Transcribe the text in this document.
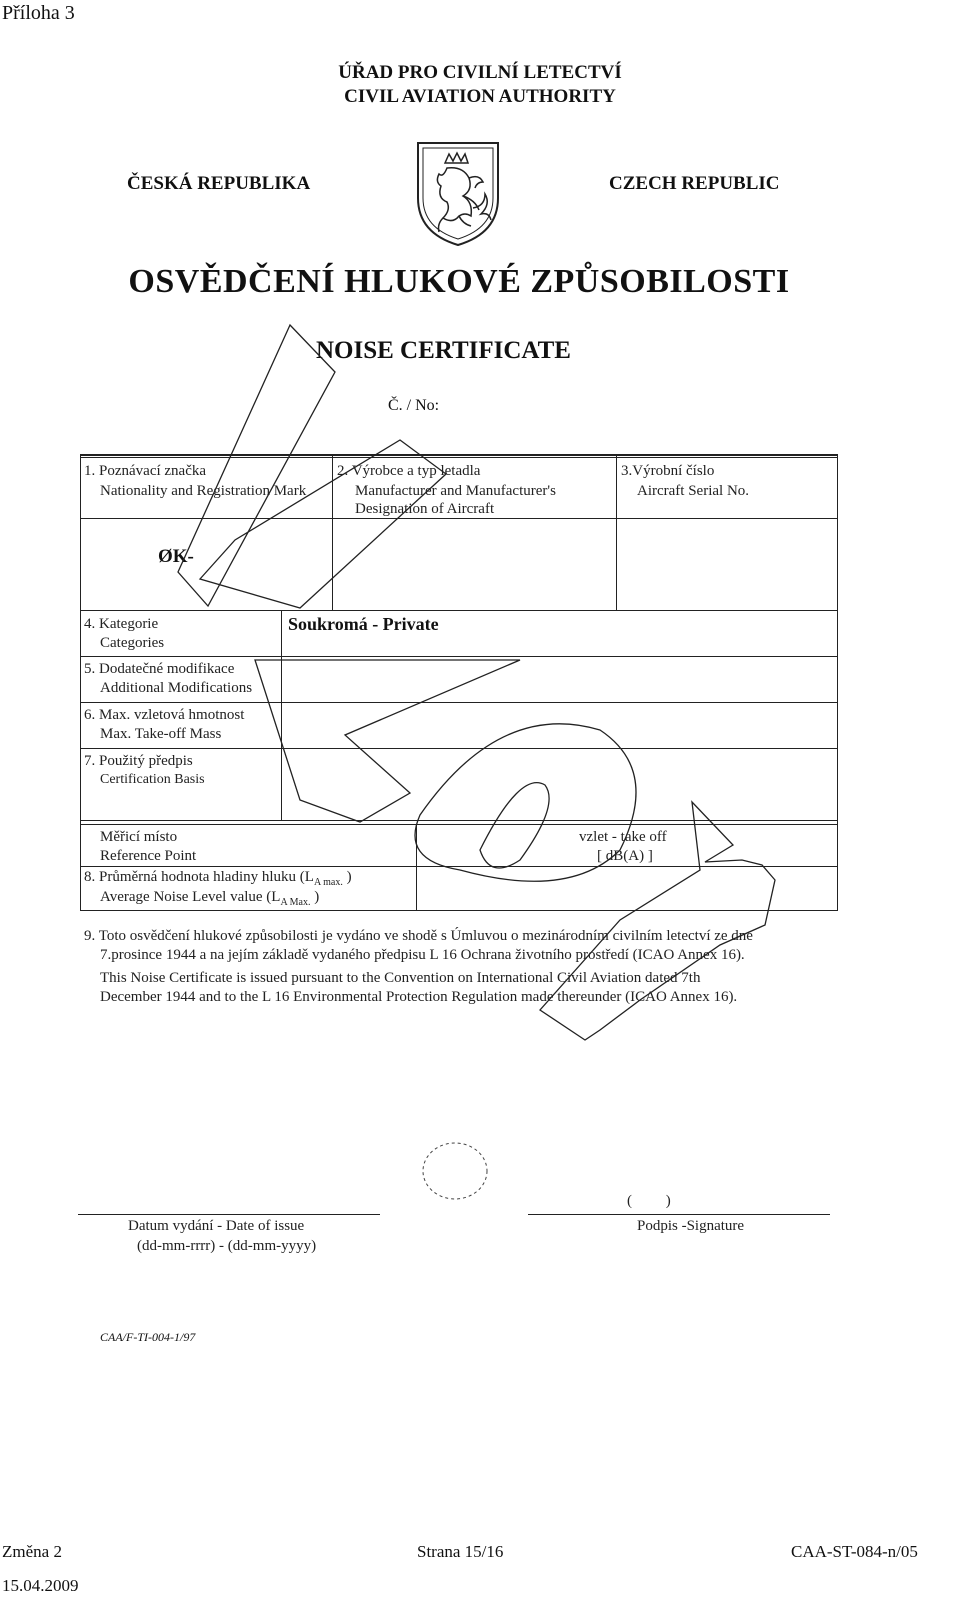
Příloha 3
ÚŘAD PRO CIVILNÍ LETECTVÍ
CIVIL AVIATION AUTHORITY
ČESKÁ REPUBLIKA	CZECH REPUBLIC
OSVĚDČENÍ HLUKOVÉ ZPŮSOBILOSTI
NOISE CERTIFICATE
Č. / No:
1. Poznávací značka
Nationality and Registration Mark
ØK-
2. Výrobce a typ letadla
Manufacturer and Manufacturer's
Designation of Aircraft
3.Výrobní číslo
Aircraft Serial No.
4. Kategorie
Categories
Soukromá - Private
5. Dodatečné modifikace
Additional Modifications
6. Max. vzletová hmotnost
Max. Take-off Mass
7. Použitý předpis
Certification Basis
Měřicí místo
Reference Point
8. Průměrná hodnota hladiny hluku ($L_{A max.}$ )
Average Noise Level value ($L_{A Max.}$ )
vzlet - take off
[ dB(A) ]
9. Toto osvědčení hlukové způsobilosti je vydáno ve shodě s Úmluvou o mezinárodním civilním letectví ze dne
7.prosince 1944 a na jejím základě vydaného předpisu L 16 Ochrana životního prostředí (ICAO Annex 16).
This Noise Certificate is issued pursuant to the Convention on International Civil Aviation dated 7th
December 1944 and to the L 16 Environmental Protection Regulation made thereunder (ICAO Annex 16).
Datum vydání - Date of issue
(dd-mm-rrrr) - (dd-mm-yyyy)
(         )
Podpis -Signature
CAA/F-TI-004-1/97
Změna 2
15.04.2009
Strana 15/16	CAA-ST-084-n/05
